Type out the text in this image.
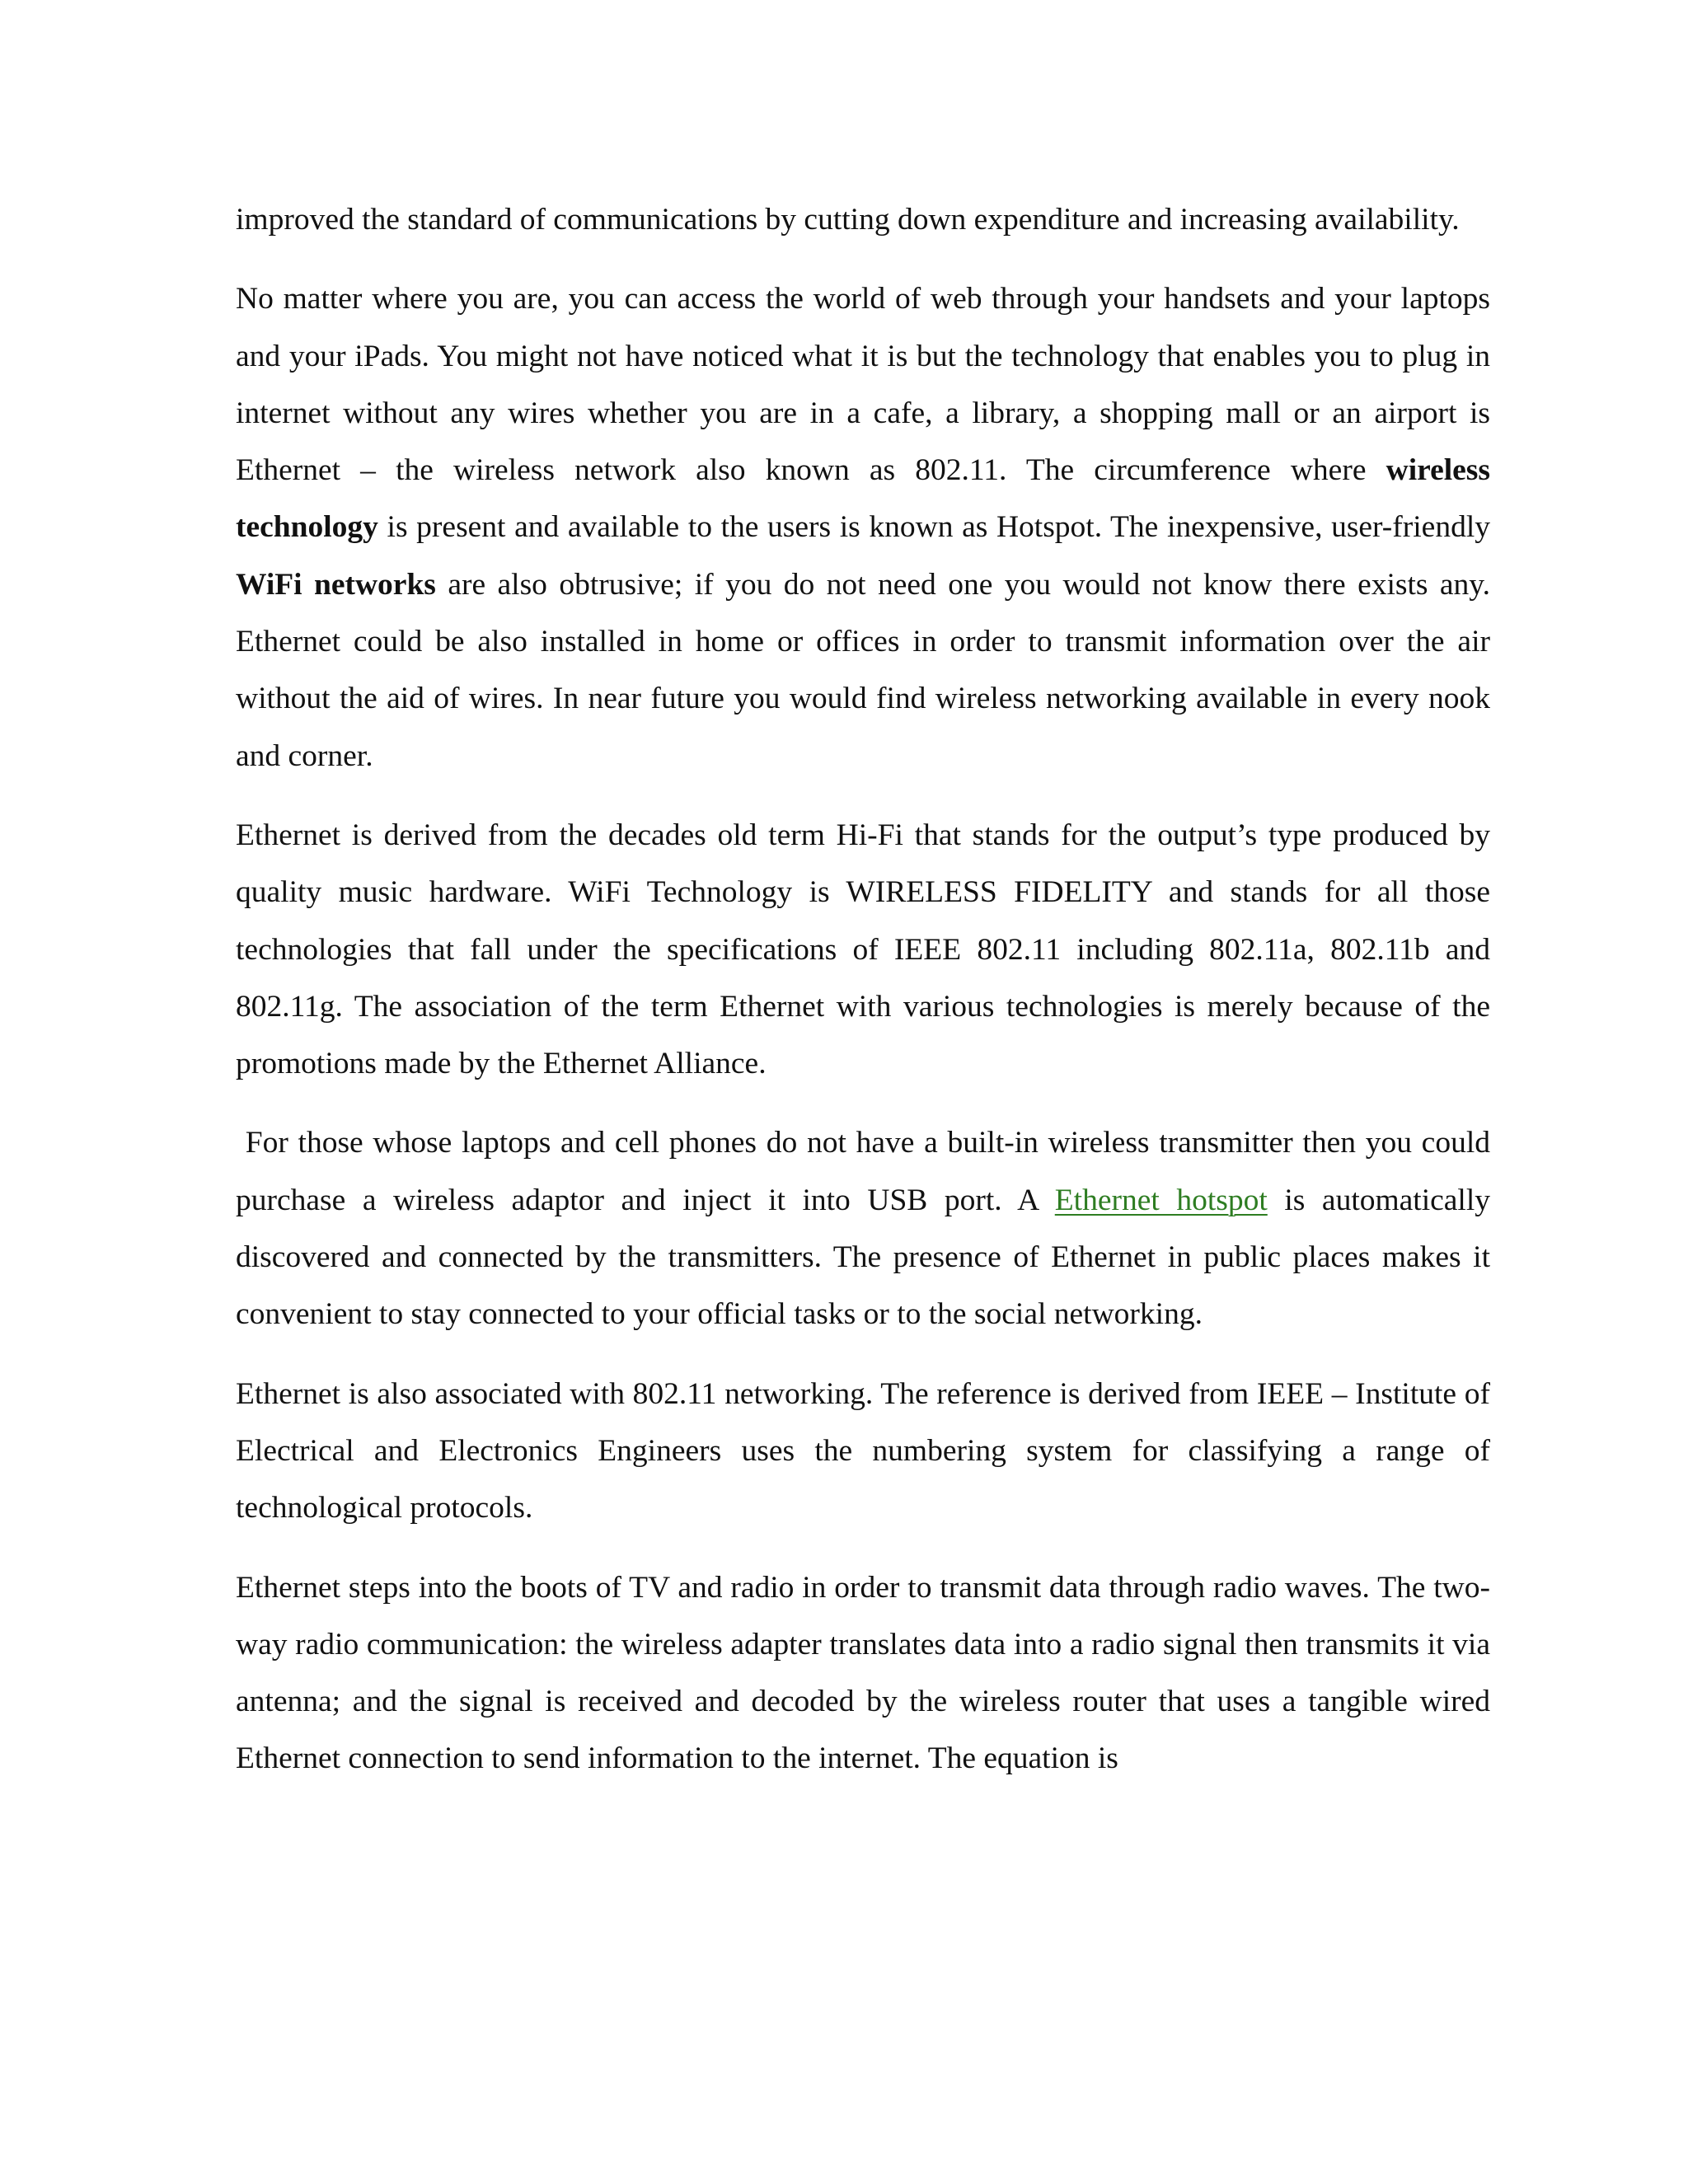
improved the standard of communications by cutting down expenditure and increasing availability.

No matter where you are, you can access the world of web through your handsets and your laptops and your iPads. You might not have noticed what it is but the technology that enables you to plug in internet without any wires whether you are in a cafe, a library, a shopping mall or an airport is Ethernet – the wireless network also known as 802.11. The circumference where wireless technology is present and available to the users is known as Hotspot. The inexpensive, user-friendly WiFi networks are also obtrusive; if you do not need one you would not know there exists any. Ethernet could be also installed in home or offices in order to transmit information over the air without the aid of wires. In near future you would find wireless networking available in every nook and corner.

Ethernet is derived from the decades old term Hi-Fi that stands for the output’s type produced by quality music hardware. WiFi Technology is WIRELESS FIDELITY and stands for all those technologies that fall under the specifications of IEEE 802.11 including 802.11a, 802.11b and 802.11g. The association of the term Ethernet with various technologies is merely because of the promotions made by the Ethernet Alliance.

For those whose laptops and cell phones do not have a built-in wireless transmitter then you could purchase a wireless adaptor and inject it into USB port. A Ethernet hotspot is automatically discovered and connected by the transmitters. The presence of Ethernet in public places makes it convenient to stay connected to your official tasks or to the social networking.

Ethernet is also associated with 802.11 networking. The reference is derived from IEEE – Institute of Electrical and Electronics Engineers uses the numbering system for classifying a range of technological protocols.

Ethernet steps into the boots of TV and radio in order to transmit data through radio waves. The two-way radio communication: the wireless adapter translates data into a radio signal then transmits it via antenna; and the signal is received and decoded by the wireless router that uses a tangible wired Ethernet connection to send information to the internet. The equation is
